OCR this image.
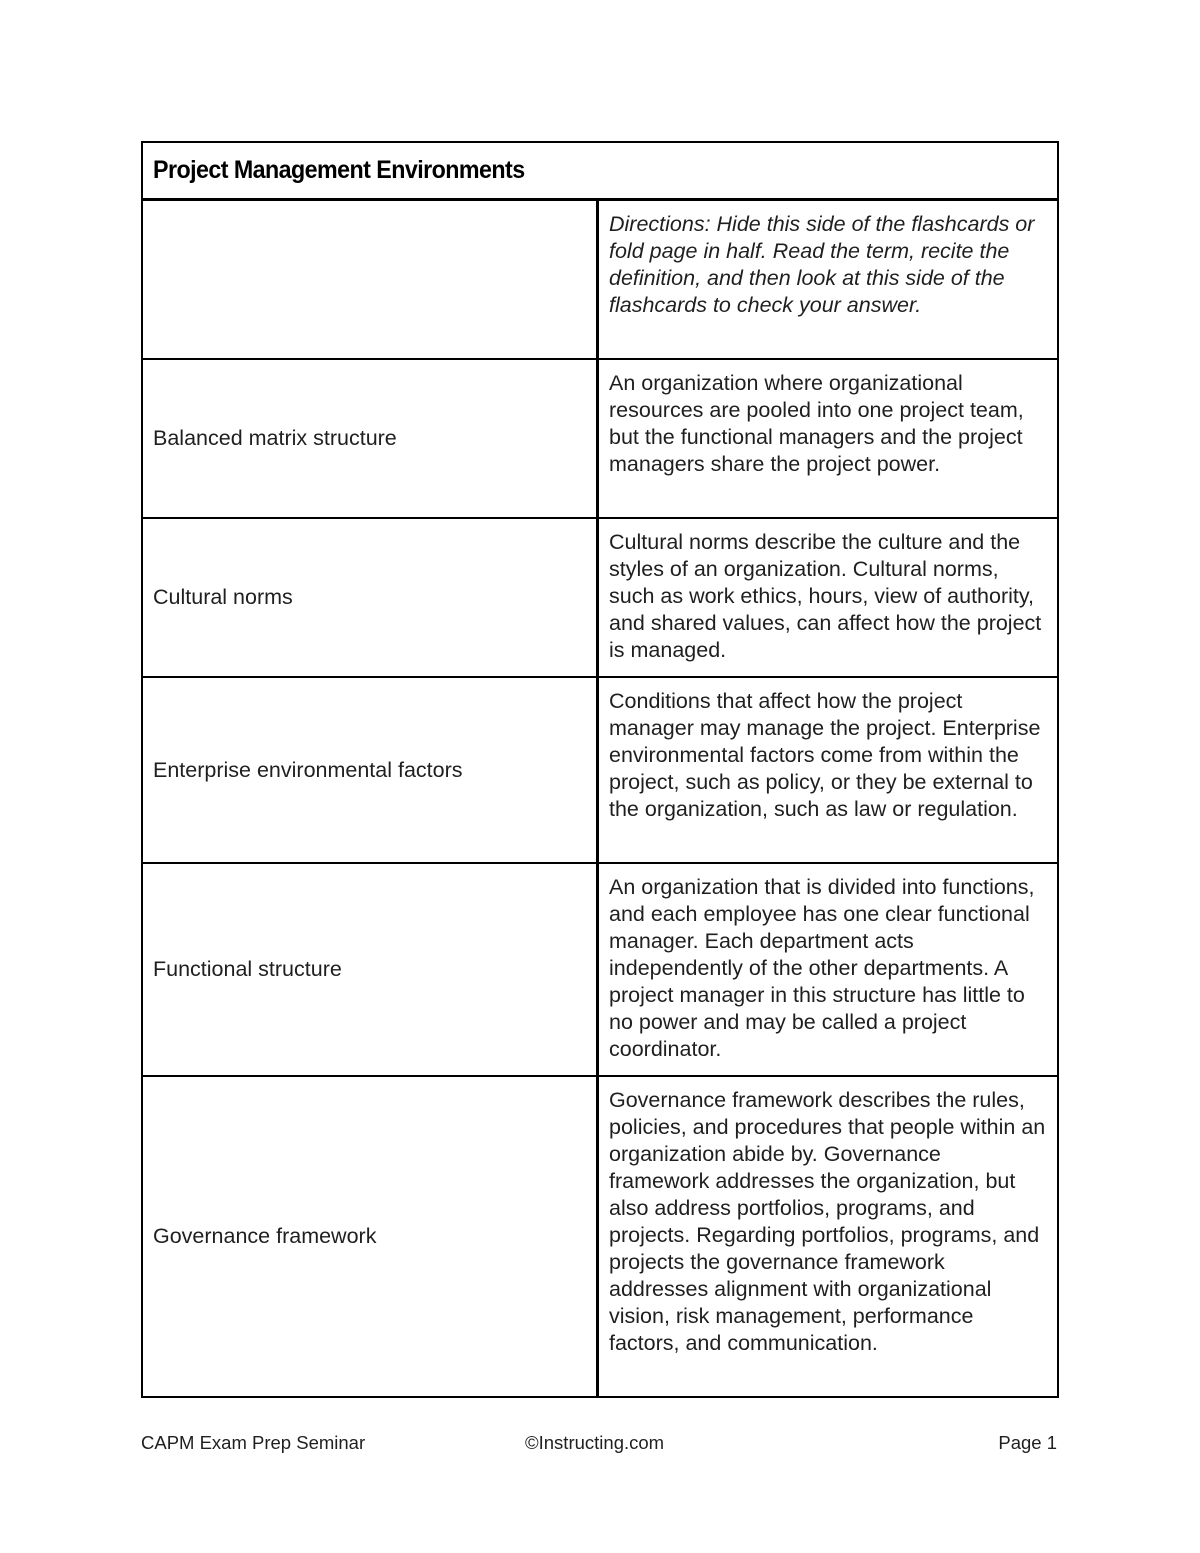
Project Management Environments
Directions: Hide this side of the flashcards or fold page in half. Read the term, recite the definition, and then look at this side of the flashcards to check your answer.
Balanced matrix structure
An organization where organizational resources are pooled into one project team, but the functional managers and the project managers share the project power.
Cultural norms
Cultural norms describe the culture and the styles of an organization. Cultural norms, such as work ethics, hours, view of authority, and shared values, can affect how the project is managed.
Enterprise environmental factors
Conditions that affect how the project manager may manage the project. Enterprise environmental factors come from within the project, such as policy, or they be external to the organization, such as law or regulation.
Functional structure
An organization that is divided into functions, and each employee has one clear functional manager. Each department acts independently of the other departments. A project manager in this structure has little to no power and may be called a project coordinator.
Governance framework
Governance framework describes the rules, policies, and procedures that people within an organization abide by. Governance framework addresses the organization, but also address portfolios, programs, and projects. Regarding portfolios, programs, and projects the governance framework addresses alignment with organizational vision, risk management, performance factors, and communication.
CAPM Exam Prep Seminar	©Instructing.com	Page 1
